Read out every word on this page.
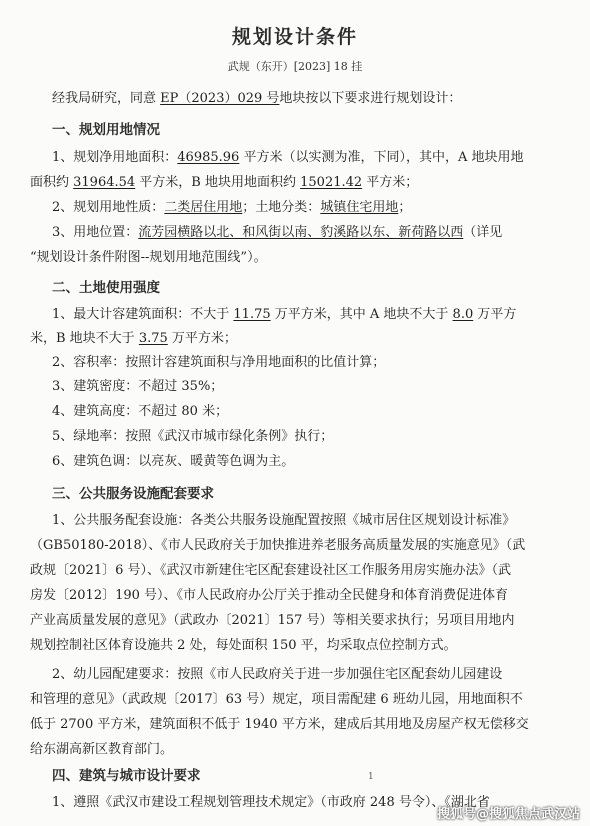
规划设计条件
武规（东开）[2023] 18 挂
经我局研究，同意 EP（2023）029 号地块按以下要求进行规划设计：
一、规划用地情况
1、规划净用地面积：46985.96 平方米（以实测为准，下同），其中，A 地块用地
面积约 31964.54 平方米，B 地块用地面积约 15021.42 平方米；
2、规划用地性质：二类居住用地；土地分类：城镇住宅用地；
3、用地位置：流芳园横路以北、和风街以南、豹溪路以东、新荷路以西（详见
“规划设计条件附图--规划用地范围线”）。
二、土地使用强度
1、最大计容建筑面积：不大于 11.75 万平方米，其中 A 地块不大于 8.0 万平方
米，B 地块不大于 3.75 万平方米；
2、容积率：按照计容建筑面积与净用地面积的比值计算；
3、建筑密度：不超过 35%；
4、建筑高度：不超过 80 米；
5、绿地率：按照《武汉市城市绿化条例》执行；
6、建筑色调：以亮灰、暖黄等色调为主。
三、公共服务设施配套要求
1、公共服务配套设施：各类公共服务设施配置按照《城市居住区规划设计标准》
（GB50180-2018）、《市人民政府关于加快推进养老服务高质量发展的实施意见》（武
政规〔2021〕6 号）、《武汉市新建住宅区配套建设社区工作服务用房实施办法》（武
房发〔2012〕190 号）、《市人民政府办公厅关于推动全民健身和体育消费促进体育
产业高质量发展的意见》（武政办〔2021〕157 号）等相关要求执行；另项目用地内
规划控制社区体育设施共 2 处，每处面积 150 平，均采取点位控制方式。
2、幼儿园配建要求：按照《市人民政府关于进一步加强住宅区配套幼儿园建设
和管理的意见》（武政规〔2017〕63 号）规定，项目需配建 6 班幼儿园，用地面积不
低于 2700 平方米，建筑面积不低于 1940 平方米，建成后其用地及房屋产权无偿移交
给东湖高新区教育部门。
四、建筑与城市设计要求	1
1、遵照《武汉市建设工程规划管理技术规定》（市政府 248 号令）、《湖北省
搜狐号@搜狐焦点武汉站
